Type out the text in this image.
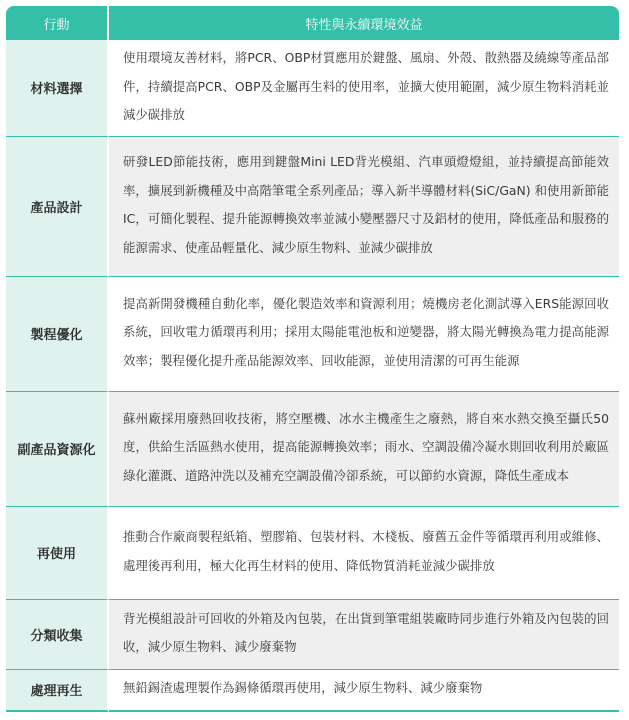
行動	特性與永續環境效益
材料選擇	使用環境友善材料，將PCR、OBP材質應用於鍵盤、風扇、外殼、散熱器及繞線等產品部件，持續提高PCR、OBP及金屬再生料的使用率，並擴大使用範圍，減少原生物料消耗並減少碳排放
產品設計	研發LED節能技術，應用到鍵盤Mini LED背光模組、汽車頭燈燈組，並持續提高節能效率，擴展到新機種及中高階筆電全系列產品；導入新半導體材料(SiC/GaN) 和使用新節能 IC，可簡化製程、提升能源轉換效率並減小變壓器尺寸及鋁材的使用，降低產品和服務的能源需求、使產品輕量化、減少原生物料、並減少碳排放
製程優化	提高新開發機種自動化率，優化製造效率和資源利用；燒機房老化測試導入ERS能源回收系統，回收電力循環再利用；採用太陽能電池板和逆變器，將太陽光轉換為電力提高能源效率；製程優化提升產品能源效率、回收能源，並使用清潔的可再生能源
副產品資源化	蘇州廠採用廢熱回收技術，將空壓機、冰水主機產生之廢熱，將自來水熱交換至攝氏50度，供給生活區熱水使用，提高能源轉換效率；雨水、空調設備冷凝水則回收利用於廠區綠化灌溉、道路沖洗以及補充空調設備冷卻系統，可以節約水資源，降低生產成本
再使用	推動合作廠商製程紙箱、塑膠箱、包裝材料、木棧板、廢舊五金件等循環再利用或維修、處理後再利用，極大化再生材料的使用、降低物質消耗並減少碳排放
分類收集	背光模組設計可回收的外箱及內包裝，在出貨到筆電組裝廠時同步進行外箱及內包裝的回收，減少原生物料、減少廢棄物
處理再生	無鉛錫渣處理製作為錫條循環再使用，減少原生物料、減少廢棄物
